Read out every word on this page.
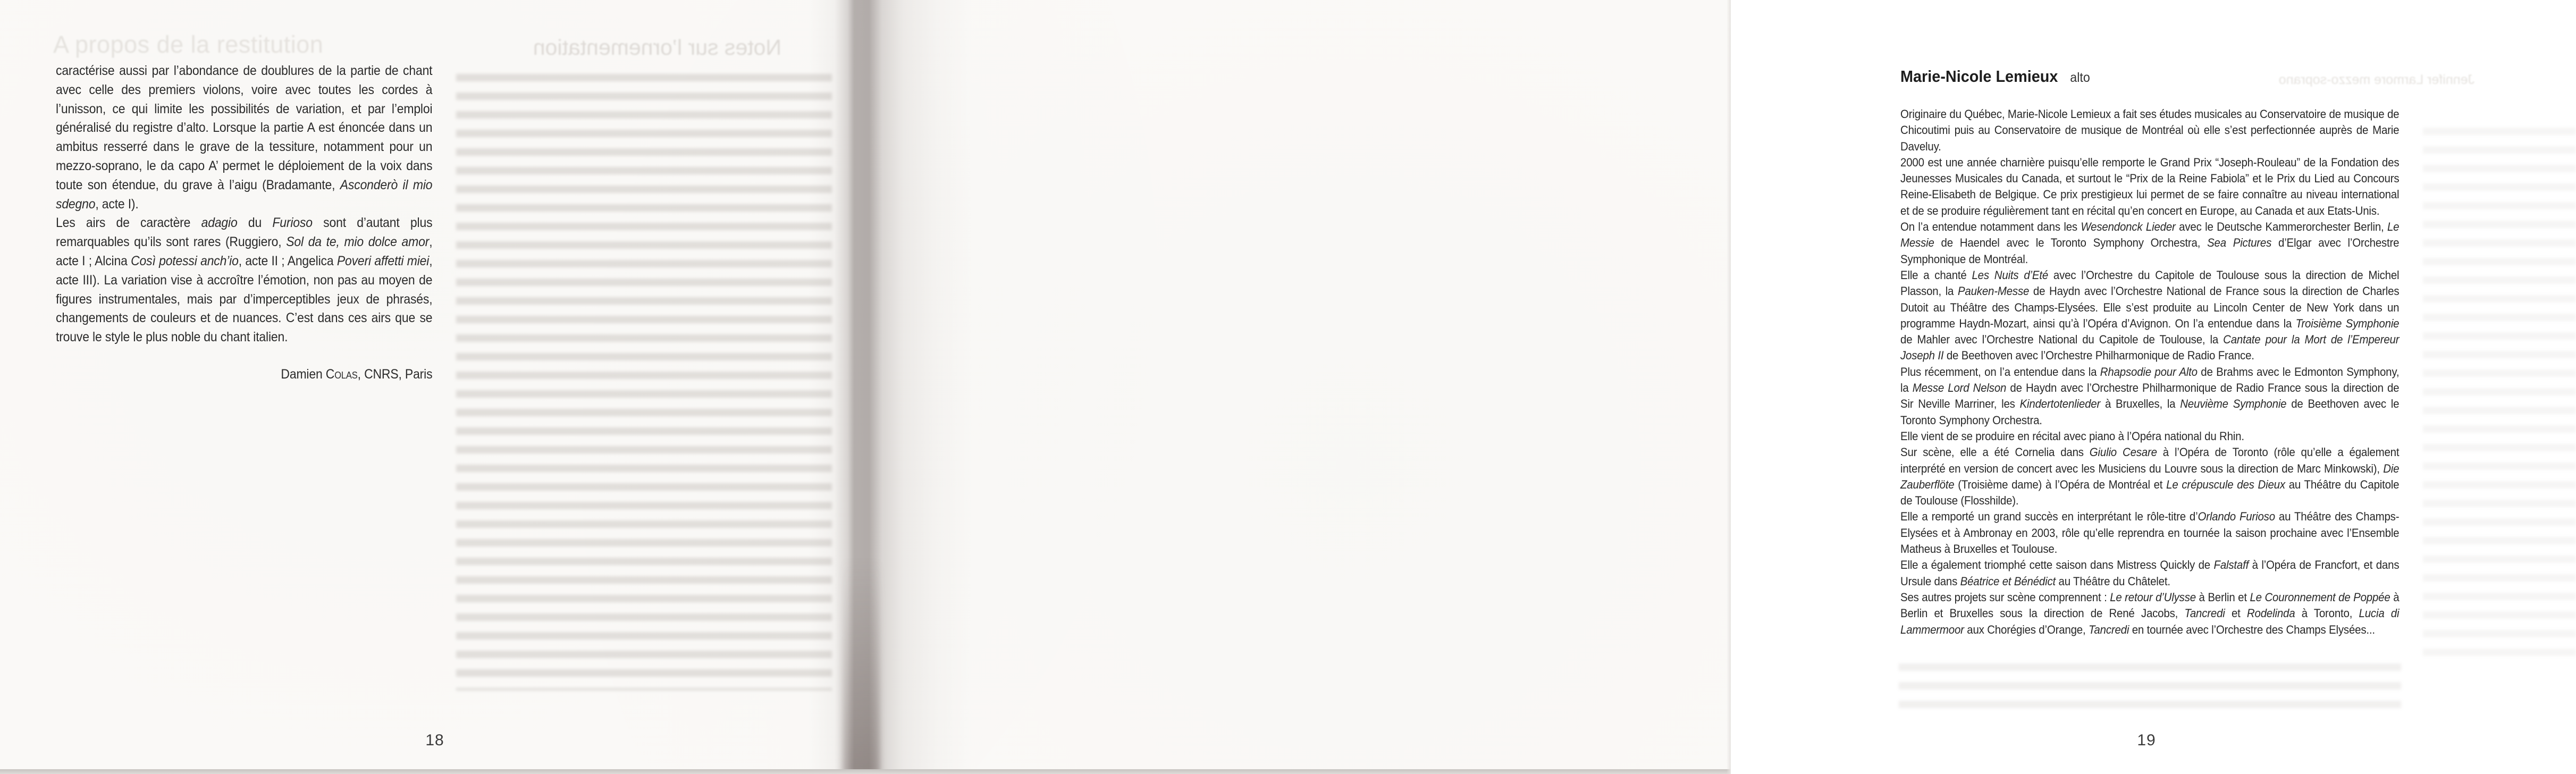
A propos de la restitution	Notes sur l’ornementation

caractérise aussi par l’abondance de doublures de la partie de chant avec celle des premiers violons, voire avec toutes les cordes à l’unisson, ce qui limite les possibilités de variation, et par l’emploi généralisé du registre d’alto. Lorsque la partie A est énoncée dans un ambitus resserré dans le grave de la tessiture, notamment pour un mezzo-soprano, le da capo A’ permet le déploiement de la voix dans toute son étendue, du grave à l’aigu (Bradamante, Asconderò il mio sdegno, acte I).

Les airs de caractère adagio du Furioso sont d’autant plus remarquables qu’ils sont rares (Ruggiero, Sol da te, mio dolce amor, acte I ; Alcina Così potessi anch’io, acte II ; Angelica Poveri affetti miei, acte III). La variation vise à accroître l’émotion, non pas au moyen de figures instrumentales, mais par d’imperceptibles jeux de phrasés, changements de couleurs et de nuances. C’est dans ces airs que se trouve le style le plus noble du chant italien.

Damien Colas, CNRS, Paris
18
Jennifer Larmore mezzo-soprano
Marie-Nicole Lemieux alto

Originaire du Québec, Marie-Nicole Lemieux a fait ses études musicales au Conservatoire de musique de Chicoutimi puis au Conservatoire de musique de Montréal où elle s’est perfectionnée auprès de Marie Daveluy.

2000 est une année charnière puisqu’elle remporte le Grand Prix “Joseph-Rouleau” de la Fondation des Jeunesses Musicales du Canada, et surtout le “Prix de la Reine Fabiola” et le Prix du Lied au Concours Reine-Elisabeth de Belgique. Ce prix prestigieux lui permet de se faire connaître au niveau international et de se produire régulièrement tant en récital qu’en concert en Europe, au Canada et aux Etats-Unis.

On l’a entendue notamment dans les Wesendonck Lieder avec le Deutsche Kammerorchester Berlin, Le Messie de Haendel avec le Toronto Symphony Orchestra, Sea Pictures d’Elgar avec l’Orchestre Symphonique de Montréal.

Elle a chanté Les Nuits d’Eté avec l’Orchestre du Capitole de Toulouse sous la direction de Michel Plasson, la Pauken-Messe de Haydn avec l’Orchestre National de France sous la direction de Charles Dutoit au Théâtre des Champs-Elysées. Elle s’est produite au Lincoln Center de New York dans un programme Haydn-Mozart, ainsi qu’à l’Opéra d’Avignon. On l’a entendue dans la Troisième Symphonie de Mahler avec l’Orchestre National du Capitole de Toulouse, la Cantate pour la Mort de l’Empereur Joseph II de Beethoven avec l’Orchestre Philharmonique de Radio France.

Plus récemment, on l’a entendue dans la Rhapsodie pour Alto de Brahms avec le Edmonton Symphony, la Messe Lord Nelson de Haydn avec l’Orchestre Philharmonique de Radio France sous la direction de Sir Neville Marriner, les Kindertotenlieder à Bruxelles, la Neuvième Symphonie de Beethoven avec le Toronto Symphony Orchestra.

Elle vient de se produire en récital avec piano à l’Opéra national du Rhin.

Sur scène, elle a été Cornelia dans Giulio Cesare à l’Opéra de Toronto (rôle qu’elle a également interprété en version de concert avec les Musiciens du Louvre sous la direction de Marc Minkowski), Die Zauberflöte (Troisième dame) à l’Opéra de Montréal et Le crépuscule des Dieux au Théâtre du Capitole de Toulouse (Flosshilde).

Elle a remporté un grand succès en interprétant le rôle-titre d’Orlando Furioso au Théâtre des Champs-Elysées et à Ambronay en 2003, rôle qu’elle reprendra en tournée la saison prochaine avec l’Ensemble Matheus à Bruxelles et Toulouse.

Elle a également triomphé cette saison dans Mistress Quickly de Falstaff à l’Opéra de Francfort, et dans Ursule dans Béatrice et Bénédict au Théâtre du Châtelet.

Ses autres projets sur scène comprennent : Le retour d’Ulysse à Berlin et Le Couronnement de Poppée à Berlin et Bruxelles sous la direction de René Jacobs, Tancredi et Rodelinda à Toronto, Lucia di Lammermoor aux Chorégies d’Orange, Tancredi en tournée avec l’Orchestre des Champs Elysées...

19
